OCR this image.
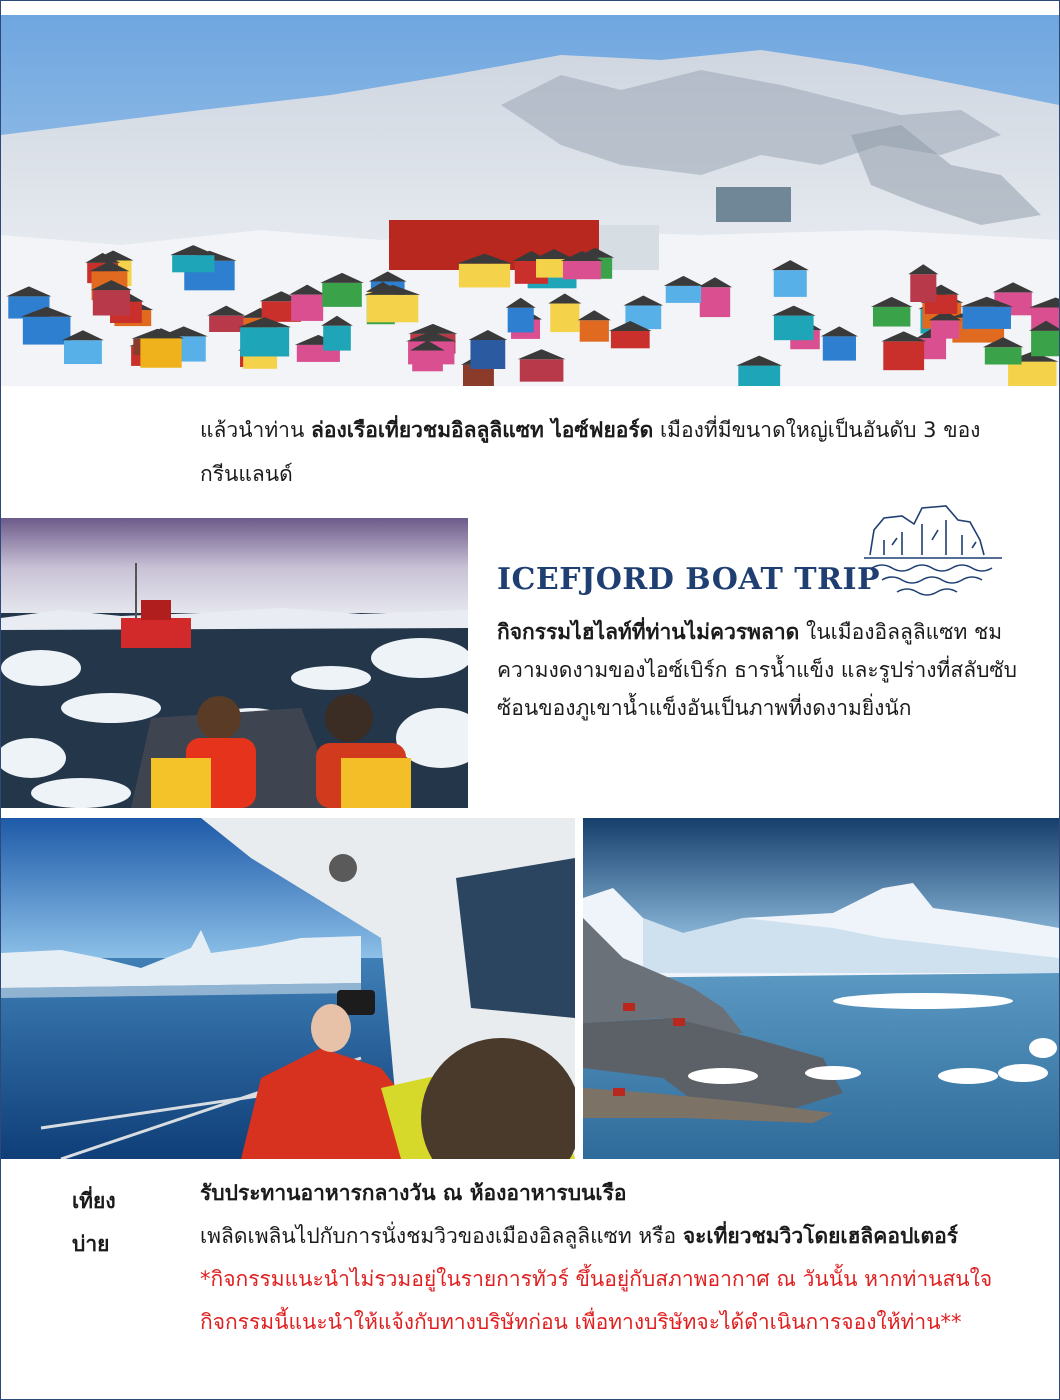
แล้วนำท่าน ล่องเรือเที่ยวชมอิลลูลิแซท ไอซ์ฟยอร์ด เมืองที่มีขนาดใหญ่เป็นอันดับ 3 ของกรีนแลนด์
ICEFJORD BOAT TRIP
กิจกรรมไฮไลท์ที่ท่านไม่ควรพลาด ในเมืองอิลลูลิแซท ชมความงดงามของไอซ์เบิร์ก ธารน้ำแข็ง และรูปร่างที่สลับซับซ้อนของภูเขาน้ำแข็งอันเป็นภาพที่งดงามยิ่งนัก
เที่ยง
บ่าย
รับประทานอาหารกลางวัน ณ ห้องอาหารบนเรือ
เพลิดเพลินไปกับการนั่งชมวิวของเมืองอิลลูลิแซท หรือ จะเที่ยวชมวิวโดยเฮลิคอปเตอร์ *กิจกรรมแนะนำไม่รวมอยู่ในรายการทัวร์ ขึ้นอยู่กับสภาพอากาศ ณ วันนั้น หากท่านสนใจกิจกรรมนี้แนะนำให้แจ้งกับทางบริษัทก่อน เพื่อทางบริษัทจะได้ดำเนินการจองให้ท่าน**
